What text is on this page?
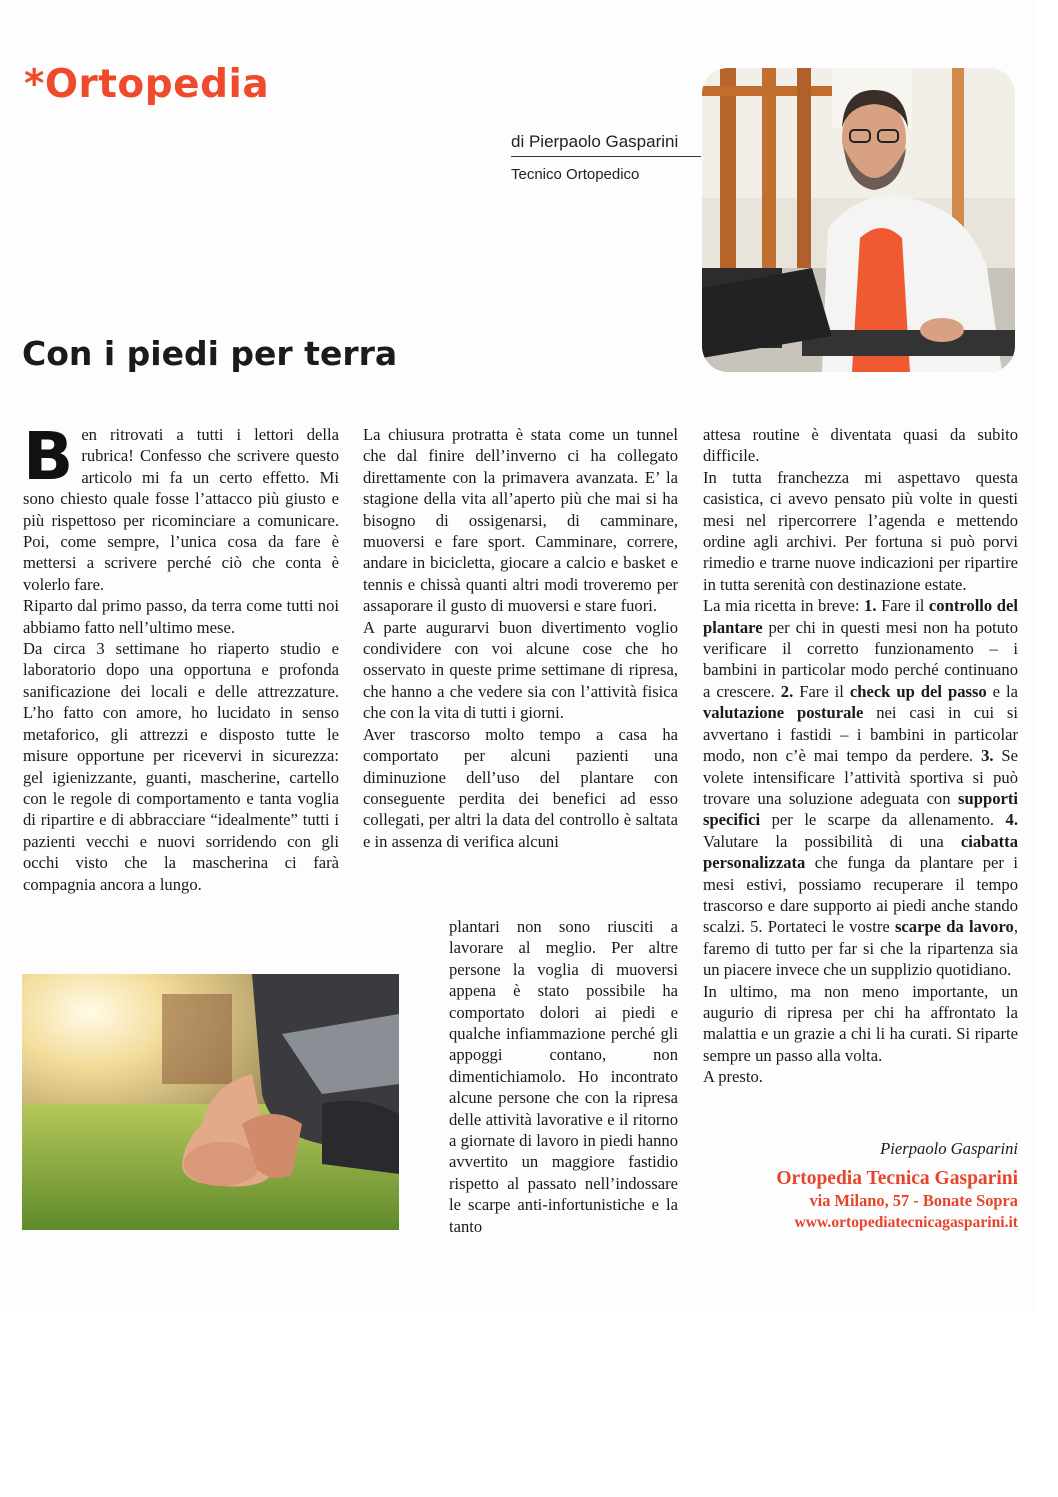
*Ortopedia
di Pierpaolo Gasparini
Tecnico Ortopedico
Con i piedi per terra
B en ritrovati a tutti i lettori della rubrica! Confesso che scrivere questo articolo mi fa un certo effetto. Mi sono chiesto quale fosse l’attacco più giusto e più rispettoso per ricominciare a comunicare. Poi, come sempre, l’unica cosa da fare è mettersi a scrivere perché ciò che conta è volerlo fare.

Riparto dal primo passo, da terra come tutti noi abbiamo fatto nell’ultimo mese.

Da circa 3 settimane ho riaperto studio e laboratorio dopo una opportuna e profonda sanificazione dei locali e delle attrezzature. L’ho fatto con amore, ho lucidato in senso metaforico, gli attrezzi e disposto tutte le misure opportune per ricevervi in sicurezza: gel igienizzante, guanti, mascherine, cartello con le regole di comportamento e tanta voglia di ripartire e di abbracciare “idealmente” tutti i pazienti vecchi e nuovi sorridendo con gli occhi visto che la mascherina ci farà compagnia ancora a lungo.

La chiusura protratta è stata come un tunnel che dal finire dell’inverno ci ha collegato direttamente con la primavera avanzata. E’ la stagione della vita all’aperto più che mai si ha bisogno di ossigenarsi, di camminare, muoversi e fare sport. Camminare, correre, andare in bicicletta, giocare a calcio e basket e tennis e chissà quanti altri modi troveremo per assaporare il gusto di muoversi e stare fuori.

A parte augurarvi buon divertimento voglio condividere con voi alcune cose che ho osservato in queste prime settimane di ripresa, che hanno a che vedere sia con l’attività fisica che con la vita di tutti i giorni.

Aver trascorso molto tempo a casa ha comportato per alcuni pazienti una diminuzione dell’uso del plantare con conseguente perdita dei benefici ad esso collegati, per altri la data del controllo è saltata e in assenza di verifica alcuni

plantari non sono riusciti a lavorare al meglio. Per altre persone la voglia di muoversi appena è stato possibile ha comportato dolori ai piedi e qualche infiammazione perché gli appoggi contano, non dimentichiamolo. Ho incontrato alcune persone che con la ripresa delle attività lavorative e il ritorno a giornate di lavoro in piedi hanno avvertito un maggiore fastidio rispetto al passato nell’indossare le scarpe anti-infortunistiche e la tanto

attesa routine è diventata quasi da subito difficile.

In tutta franchezza mi aspettavo questa casistica, ci avevo pensato più volte in questi mesi nel ripercorrere l’agenda e mettendo ordine agli archivi. Per fortuna si può porvi rimedio e trarne nuove indicazioni per ripartire in tutta serenità con destinazione estate.

La mia ricetta in breve: 1. Fare il controllo del plantare per chi in questi mesi non ha potuto verificare il corretto funzionamento – i bambini in particolar modo perché continuano a crescere. 2. Fare il check up del passo e la valutazione posturale nei casi in cui si avvertano i fastidi – i bambini in particolar modo, non c’è mai tempo da perdere. 3. Se volete intensificare l’attività sportiva si può trovare una soluzione adeguata con supporti specifici per le scarpe da allenamento. 4. Valutare la possibilità di una ciabatta personalizzata che funga da plantare per i mesi estivi, possiamo recuperare il tempo trascorso e dare supporto ai piedi anche stando scalzi. 5. Portateci le vostre scarpe da lavoro, faremo di tutto per far si che la ripartenza sia un piacere invece che un supplizio quotidiano.

In ultimo, ma non meno importante, un augurio di ripresa per chi ha affrontato la malattia e un grazie a chi li ha curati. Si riparte sempre un passo alla volta.

A presto.

Pierpaolo Gasparini
Ortopedia Tecnica Gasparini
via Milano, 57 - Bonate Sopra
www.ortopediatecnicagasparini.it
